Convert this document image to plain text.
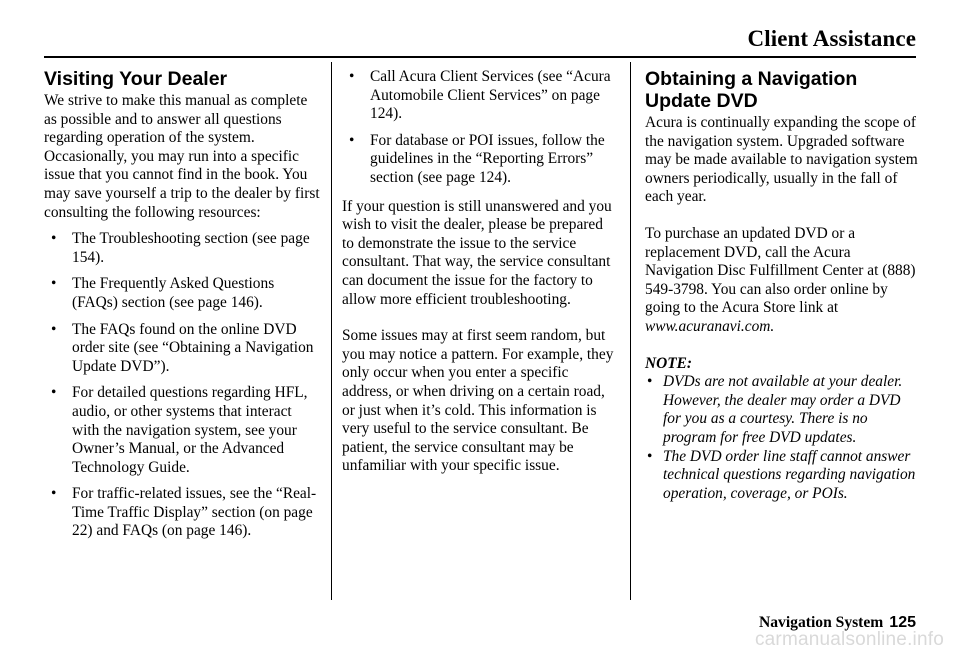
Client Assistance
Visiting Your Dealer

We strive to make this manual as complete as possible and to answer all questions regarding operation of the system. Occasionally, you may run into a specific issue that you cannot find in the book. You may save yourself a trip to the dealer by first consulting the following resources:

• The Troubleshooting section (see page 154).
• The Frequently Asked Questions (FAQs) section (see page 146).
• The FAQs found on the online DVD order site (see “Obtaining a Navigation Update DVD”).
• For detailed questions regarding HFL, audio, or other systems that interact with the navigation system, see your Owner’s Manual, or the Advanced Technology Guide.
• For traffic-related issues, see the “Real-Time Traffic Display” section (on page 22) and FAQs (on page 146).
• Call Acura Client Services (see “Acura Automobile Client Services” on page 124).
• For database or POI issues, follow the guidelines in the “Reporting Errors” section (see page 124).

If your question is still unanswered and you wish to visit the dealer, please be prepared to demonstrate the issue to the service consultant. That way, the service consultant can document the issue for the factory to allow more efficient troubleshooting.

Some issues may at first seem random, but you may notice a pattern. For example, they only occur when you enter a specific address, or when driving on a certain road, or just when it’s cold. This information is very useful to the service consultant. Be patient, the service consultant may be unfamiliar with your specific issue.

Obtaining a Navigation Update DVD

Acura is continually expanding the scope of the navigation system. Upgraded software may be made available to navigation system owners periodically, usually in the fall of each year.

To purchase an updated DVD or a replacement DVD, call the Acura Navigation Disc Fulfillment Center at (888) 549-3798. You can also order online by going to the Acura Store link at www.acuranavi.com.

NOTE:

• DVDs are not available at your dealer. However, the dealer may order a DVD for you as a courtesy. There is no program for free DVD updates.
• The DVD order line staff cannot answer technical questions regarding navigation operation, coverage, or POIs.
Navigation System 125
carmanualsonline.info
